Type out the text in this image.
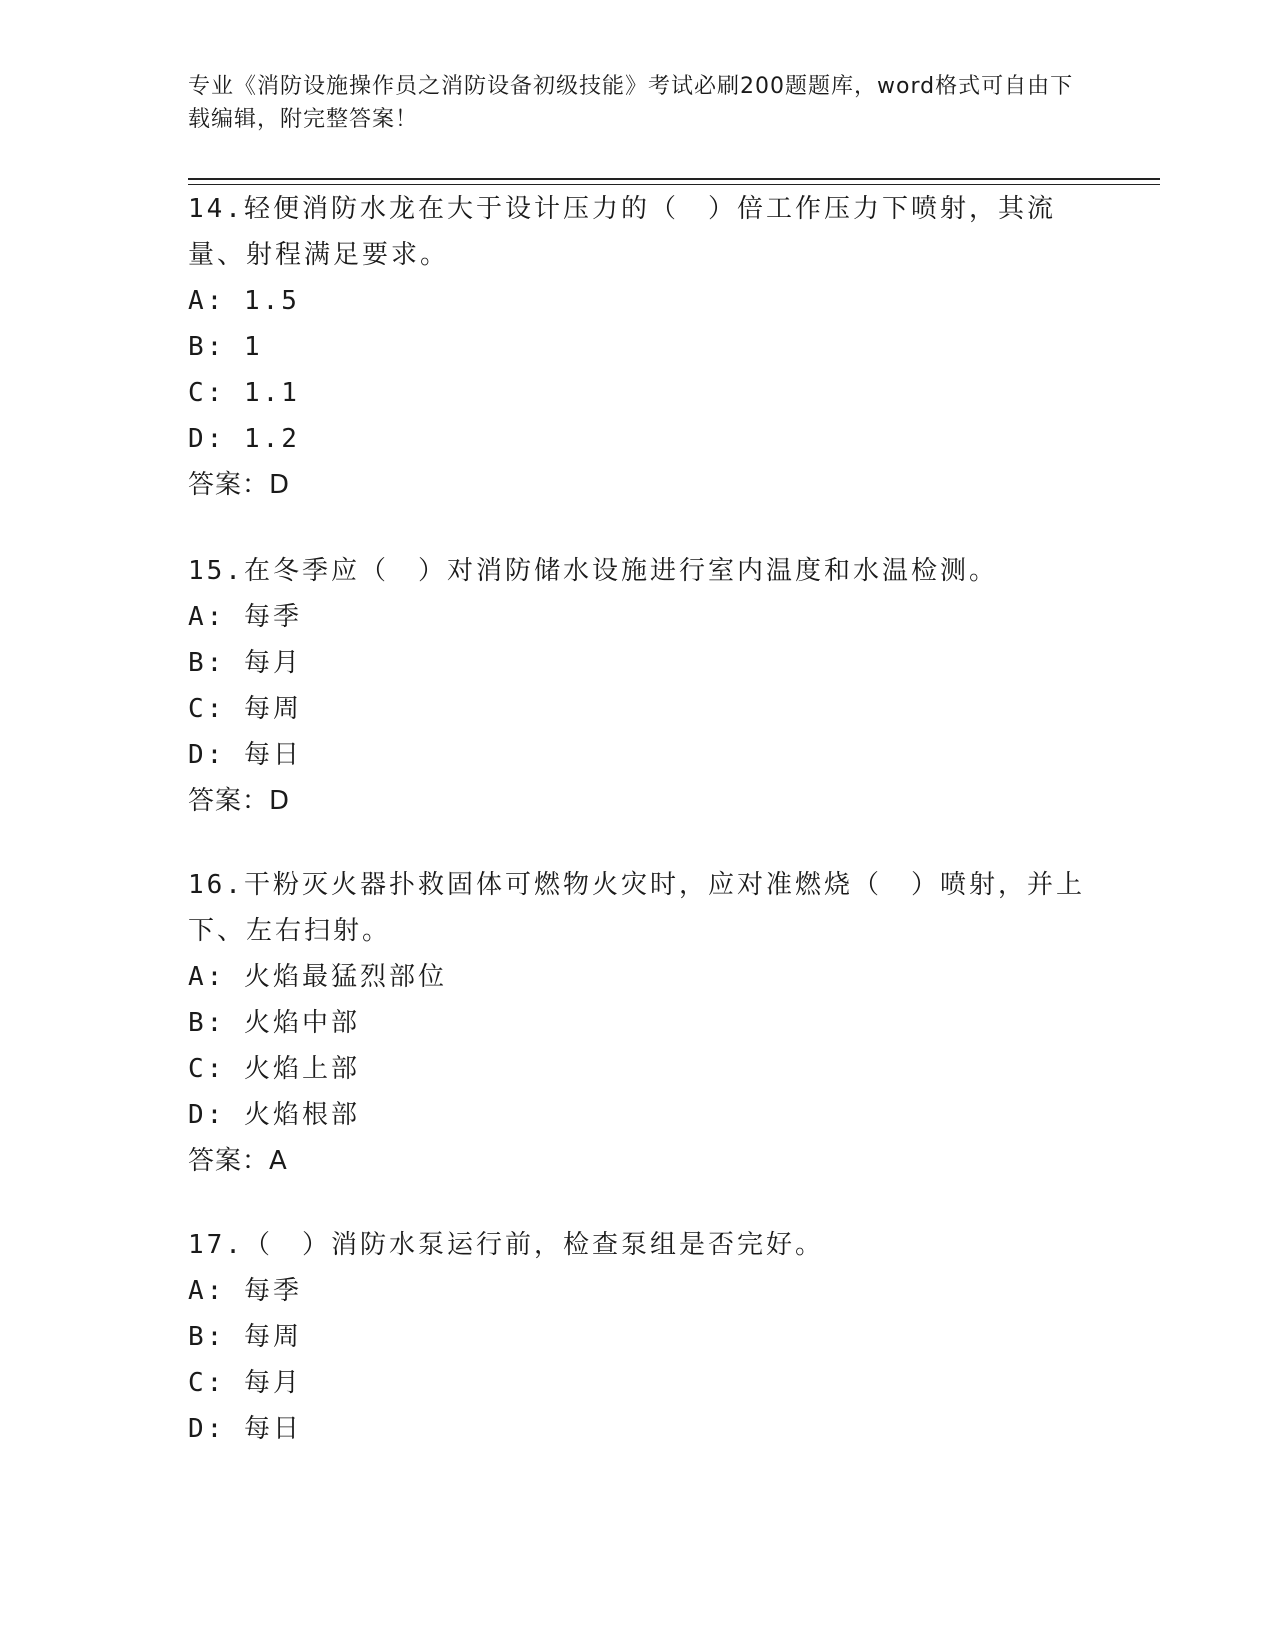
专业《消防设施操作员之消防设备初级技能》考试必刷200题题库，word格式可自由下载编辑，附完整答案！

14.轻便消防水龙在大于设计压力的（　）倍工作压力下喷射，其流量、射程满足要求。

A: 1.5

B: 1

C: 1.1

D: 1.2

答案：D

15.在冬季应（　）对消防储水设施进行室内温度和水温检测。

A: 每季

B: 每月

C: 每周

D: 每日

答案：D

16.干粉灭火器扑救固体可燃物火灾时，应对准燃烧（　）喷射，并上下、左右扫射。

A: 火焰最猛烈部位

B: 火焰中部

C: 火焰上部

D: 火焰根部

答案：A

17.（　）消防水泵运行前，检查泵组是否完好。

A: 每季

B: 每周

C: 每月

D: 每日
